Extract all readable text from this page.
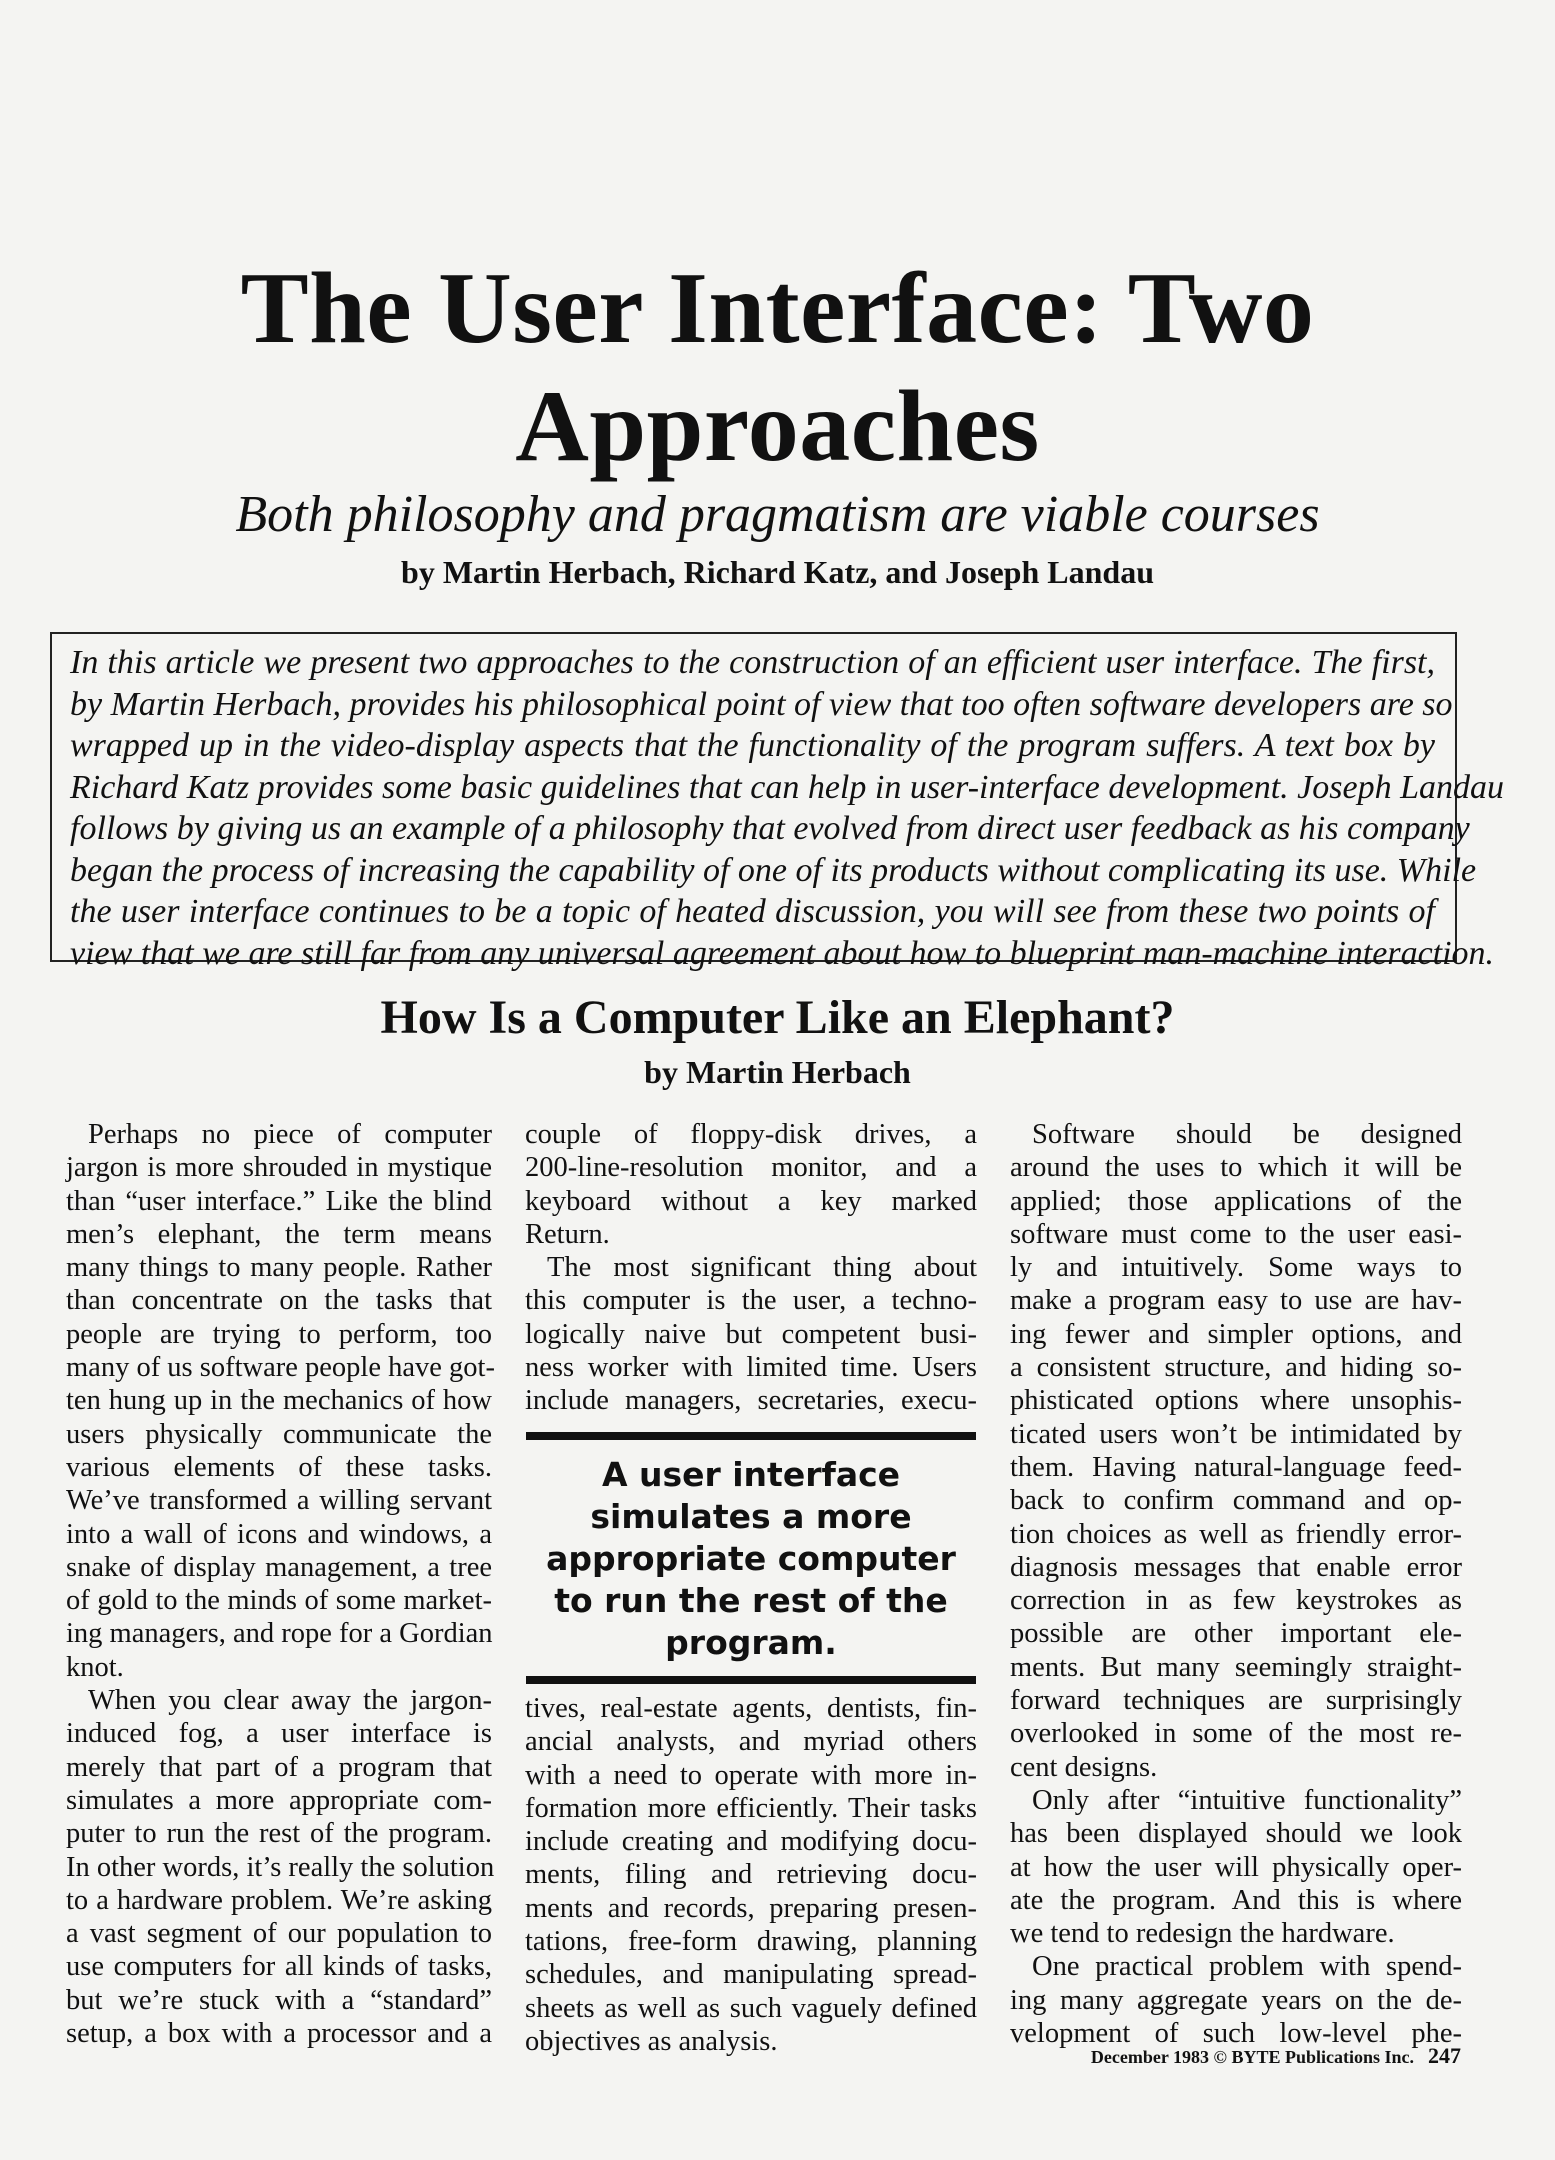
The User Interface: Two
Approaches
Both philosophy and pragmatism are viable courses
by Martin Herbach, Richard Katz, and Joseph Landau
In this article we present two approaches to the construction of an efficient user interface. The first,
by Martin Herbach, provides his philosophical point of view that too often software developers are so
wrapped up in the video-display aspects that the functionality of the program suffers. A text box by
Richard Katz provides some basic guidelines that can help in user-interface development. Joseph Landau
follows by giving us an example of a philosophy that evolved from direct user feedback as his company
began the process of increasing the capability of one of its products without complicating its use. While
the user interface continues to be a topic of heated discussion, you will see from these two points of
view that we are still far from any universal agreement about how to blueprint man-machine interaction.
How Is a Computer Like an Elephant?
by Martin Herbach
Perhaps no piece of computer
jargon is more shrouded in mystique
than “user interface.” Like the blind
men’s elephant, the term means
many things to many people. Rather
than concentrate on the tasks that
people are trying to perform, too
many of us software people have got-
ten hung up in the mechanics of how
users physically communicate the
various elements of these tasks.
We’ve transformed a willing servant
into a wall of icons and windows, a
snake of display management, a tree
of gold to the minds of some market-
ing managers, and rope for a Gordian
knot.
When you clear away the jargon-
induced fog, a user interface is
merely that part of a program that
simulates a more appropriate com-
puter to run the rest of the program.
In other words, it’s really the solution
to a hardware problem. We’re asking
a vast segment of our population to
use computers for all kinds of tasks,
but we’re stuck with a “standard”
setup, a box with a processor and a
couple of floppy-disk drives, a
200-line-resolution monitor, and a
keyboard without a key marked
Return.
The most significant thing about
this computer is the user, a techno-
logically naive but competent busi-
ness worker with limited time. Users
include managers, secretaries, execu-
A user interface simulates a more appropriate computer to run the rest of the program.
tives, real-estate agents, dentists, fin-
ancial analysts, and myriad others
with a need to operate with more in-
formation more efficiently. Their tasks
include creating and modifying docu-
ments, filing and retrieving docu-
ments and records, preparing presen-
tations, free-form drawing, planning
schedules, and manipulating spread-
sheets as well as such vaguely defined
objectives as analysis.
Software should be designed
around the uses to which it will be
applied; those applications of the
software must come to the user easi-
ly and intuitively. Some ways to
make a program easy to use are hav-
ing fewer and simpler options, and
a consistent structure, and hiding so-
phisticated options where unsophis-
ticated users won’t be intimidated by
them. Having natural-language feed-
back to confirm command and op-
tion choices as well as friendly error-
diagnosis messages that enable error
correction in as few keystrokes as
possible are other important ele-
ments. But many seemingly straight-
forward techniques are surprisingly
overlooked in some of the most re-
cent designs.
Only after “intuitive functionality”
has been displayed should we look
at how the user will physically oper-
ate the program. And this is where
we tend to redesign the hardware.
One practical problem with spend-
ing many aggregate years on the de-
velopment of such low-level phe-
December 1983 © BYTE Publications Inc. 247
